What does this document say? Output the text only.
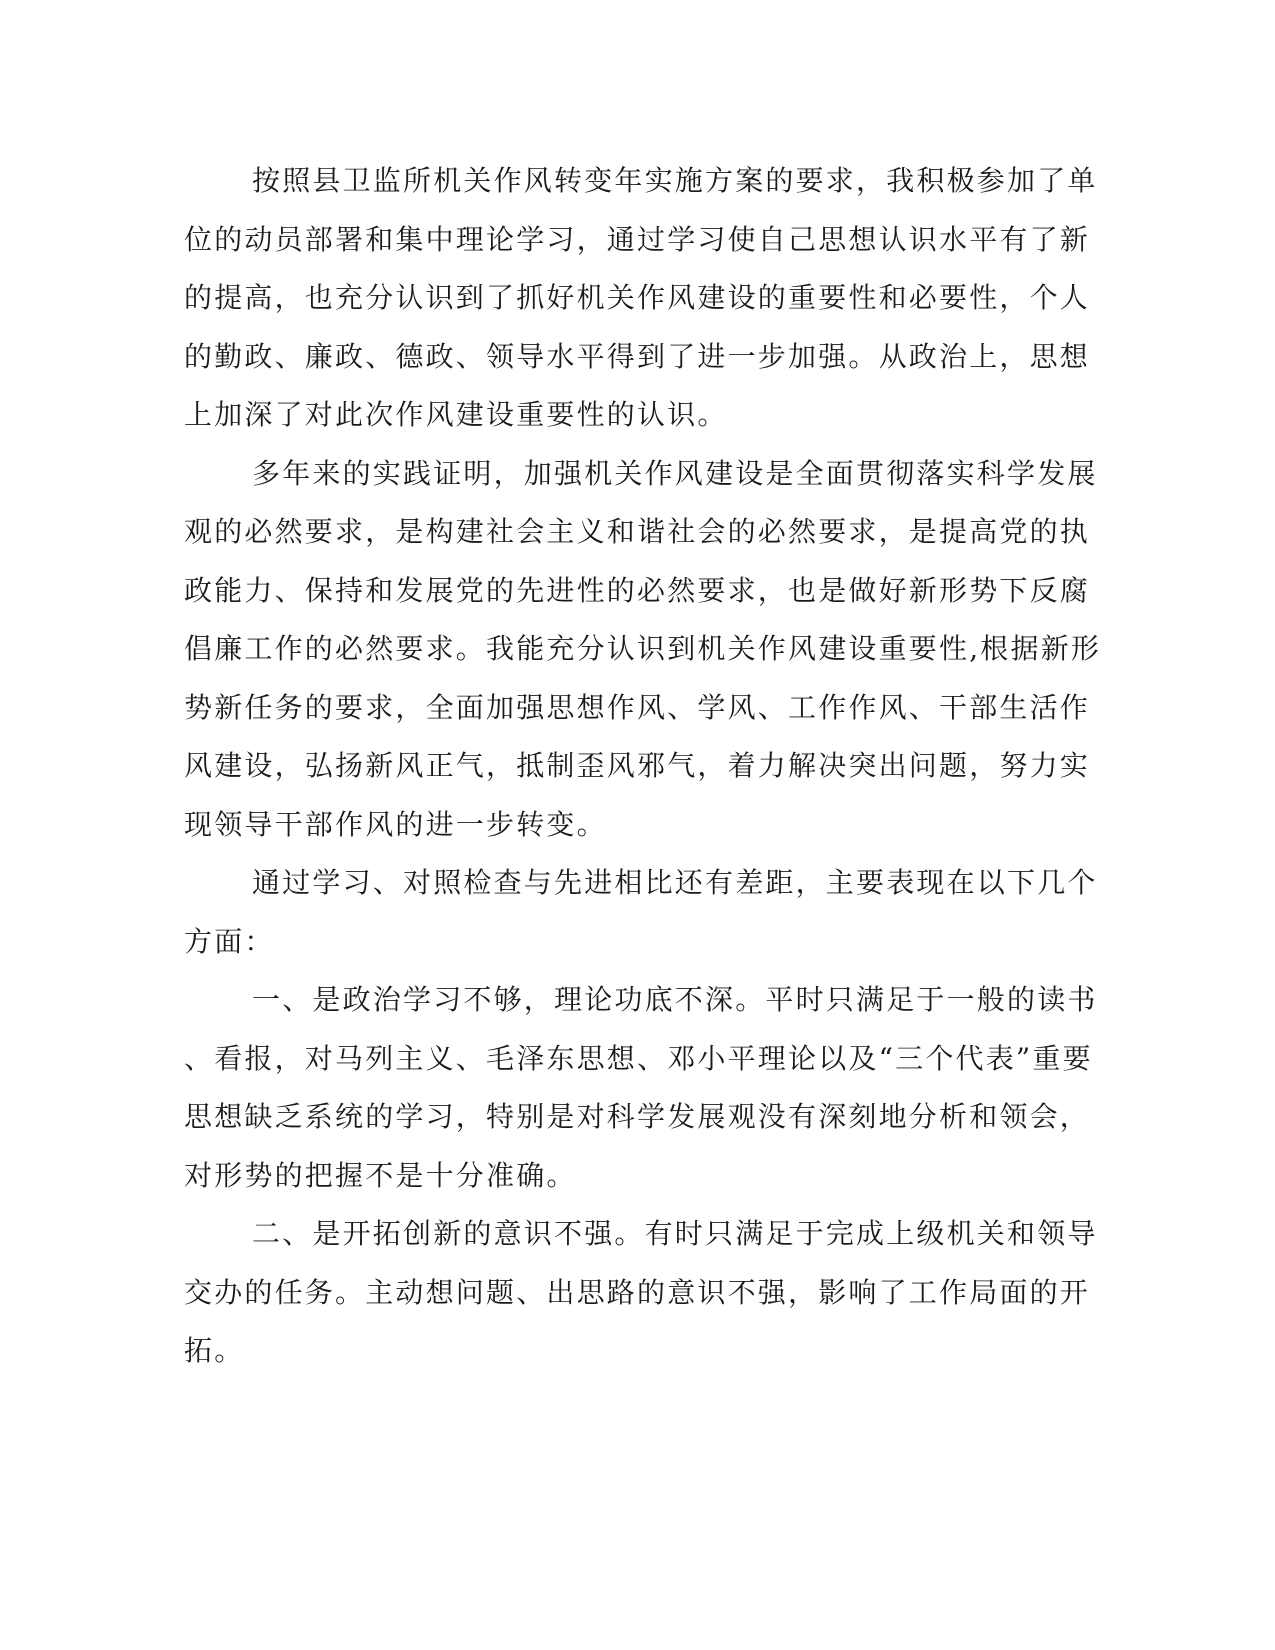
按照县卫监所机关作风转变年实施方案的要求，我积极参加了单
位的动员部署和集中理论学习，通过学习使自己思想认识水平有了新
的提高，也充分认识到了抓好机关作风建设的重要性和必要性，个人
的勤政、廉政、德政、领导水平得到了进一步加强。从政治上，思想
上加深了对此次作风建设重要性的认识。
多年来的实践证明，加强机关作风建设是全面贯彻落实科学发展
观的必然要求，是构建社会主义和谐社会的必然要求，是提高党的执
政能力、保持和发展党的先进性的必然要求，也是做好新形势下反腐
倡廉工作的必然要求。我能充分认识到机关作风建设重要性,根据新形
势新任务的要求，全面加强思想作风、学风、工作作风、干部生活作
风建设，弘扬新风正气，抵制歪风邪气，着力解决突出问题，努力实
现领导干部作风的进一步转变。
通过学习、对照检查与先进相比还有差距，主要表现在以下几个
方面：
一、是政治学习不够，理论功底不深。平时只满足于一般的读书
、看报，对马列主义、毛泽东思想、邓小平理论以及“三个代表”重要
思想缺乏系统的学习，特别是对科学发展观没有深刻地分析和领会，
对形势的把握不是十分准确。
二、是开拓创新的意识不强。有时只满足于完成上级机关和领导
交办的任务。主动想问题、出思路的意识不强，影响了工作局面的开
拓。
